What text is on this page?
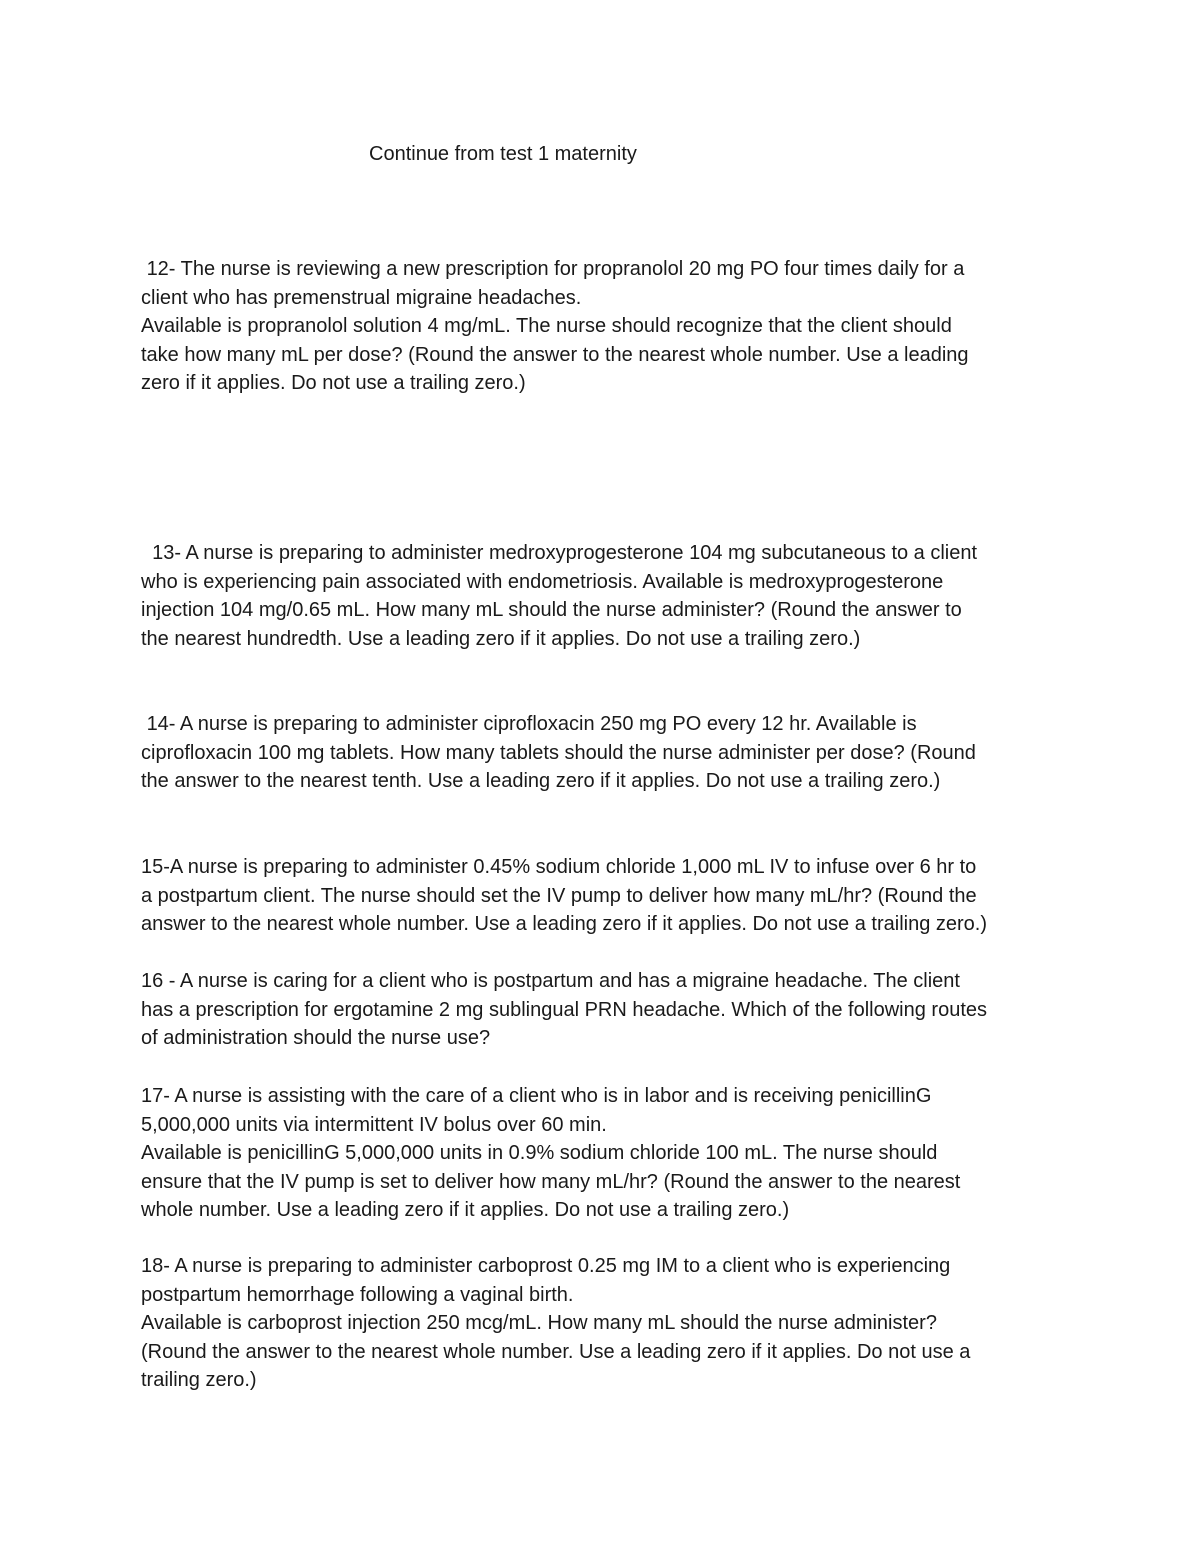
Continue from test 1 maternity

12- The nurse is reviewing a new prescription for propranolol 20 mg PO four times daily for a

client who has premenstrual migraine headaches.

Available is propranolol solution 4 mg/mL. The nurse should recognize that the client should

take how many mL per dose? (Round the answer to the nearest whole number. Use a leading

zero if it applies. Do not use a trailing zero.)

13- A nurse is preparing to administer medroxyprogesterone 104 mg subcutaneous to a client

who is experiencing pain associated with endometriosis. Available is medroxyprogesterone

injection 104 mg/0.65 mL. How many mL should the nurse administer? (Round the answer to

the nearest hundredth. Use a leading zero if it applies. Do not use a trailing zero.)

14- A nurse is preparing to administer ciprofloxacin 250 mg PO every 12 hr. Available is

ciprofloxacin 100 mg tablets. How many tablets should the nurse administer per dose? (Round

the answer to the nearest tenth. Use a leading zero if it applies. Do not use a trailing zero.)

15-A nurse is preparing to administer 0.45% sodium chloride 1,000 mL IV to infuse over 6 hr to

a postpartum client. The nurse should set the IV pump to deliver how many mL/hr? (Round the

answer to the nearest whole number. Use a leading zero if it applies. Do not use a trailing zero.)

16 - A nurse is caring for a client who is postpartum and has a migraine headache. The client

has a prescription for ergotamine 2 mg sublingual PRN headache. Which of the following routes

of administration should the nurse use?

17- A nurse is assisting with the care of a client who is in labor and is receiving penicillinG

5,000,000 units via intermittent IV bolus over 60 min.

Available is penicillinG 5,000,000 units in 0.9% sodium chloride 100 mL. The nurse should

ensure that the IV pump is set to deliver how many mL/hr? (Round the answer to the nearest

whole number. Use a leading zero if it applies. Do not use a trailing zero.)

18- A nurse is preparing to administer carboprost 0.25 mg IM to a client who is experiencing

postpartum hemorrhage following a vaginal birth.

Available is carboprost injection 250 mcg/mL. How many mL should the nurse administer?

(Round the answer to the nearest whole number. Use a leading zero if it applies. Do not use a

trailing zero.)
